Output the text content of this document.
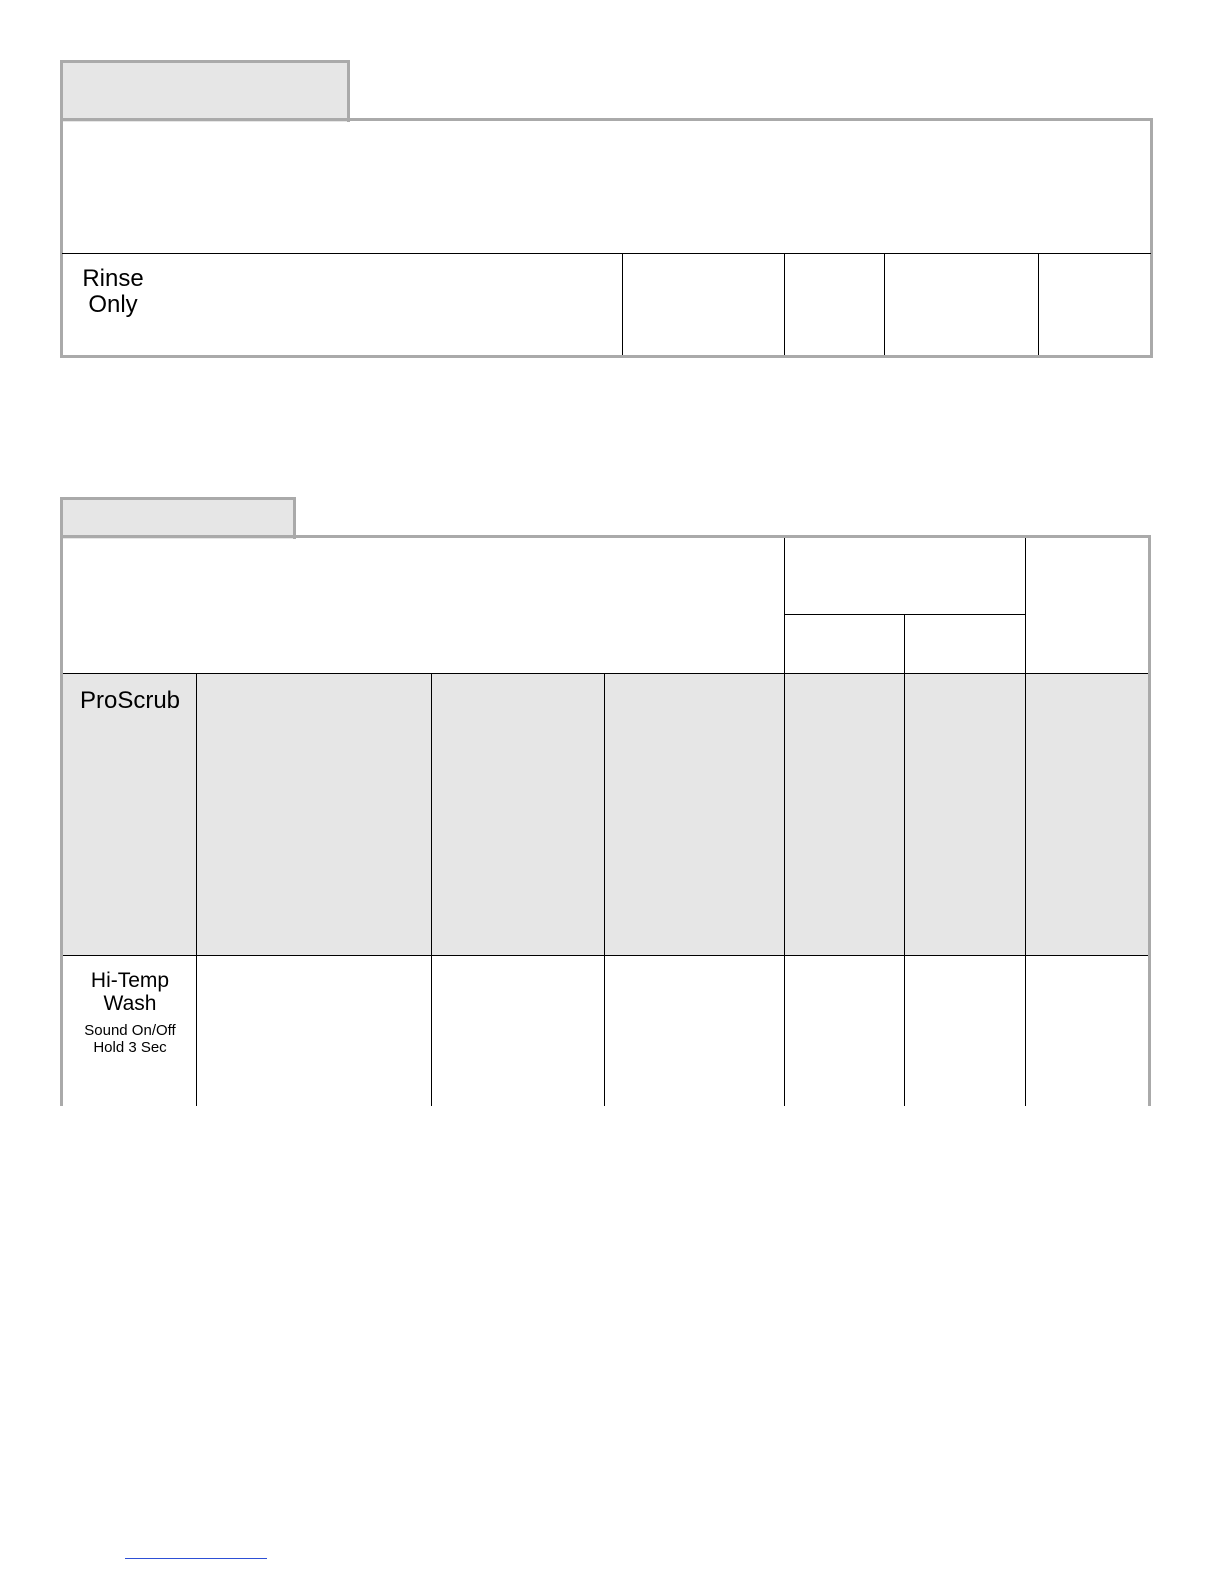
Rinse
Only
ProScrub
Hi-Temp
Wash
Sound On/Off
Hold 3 Sec
